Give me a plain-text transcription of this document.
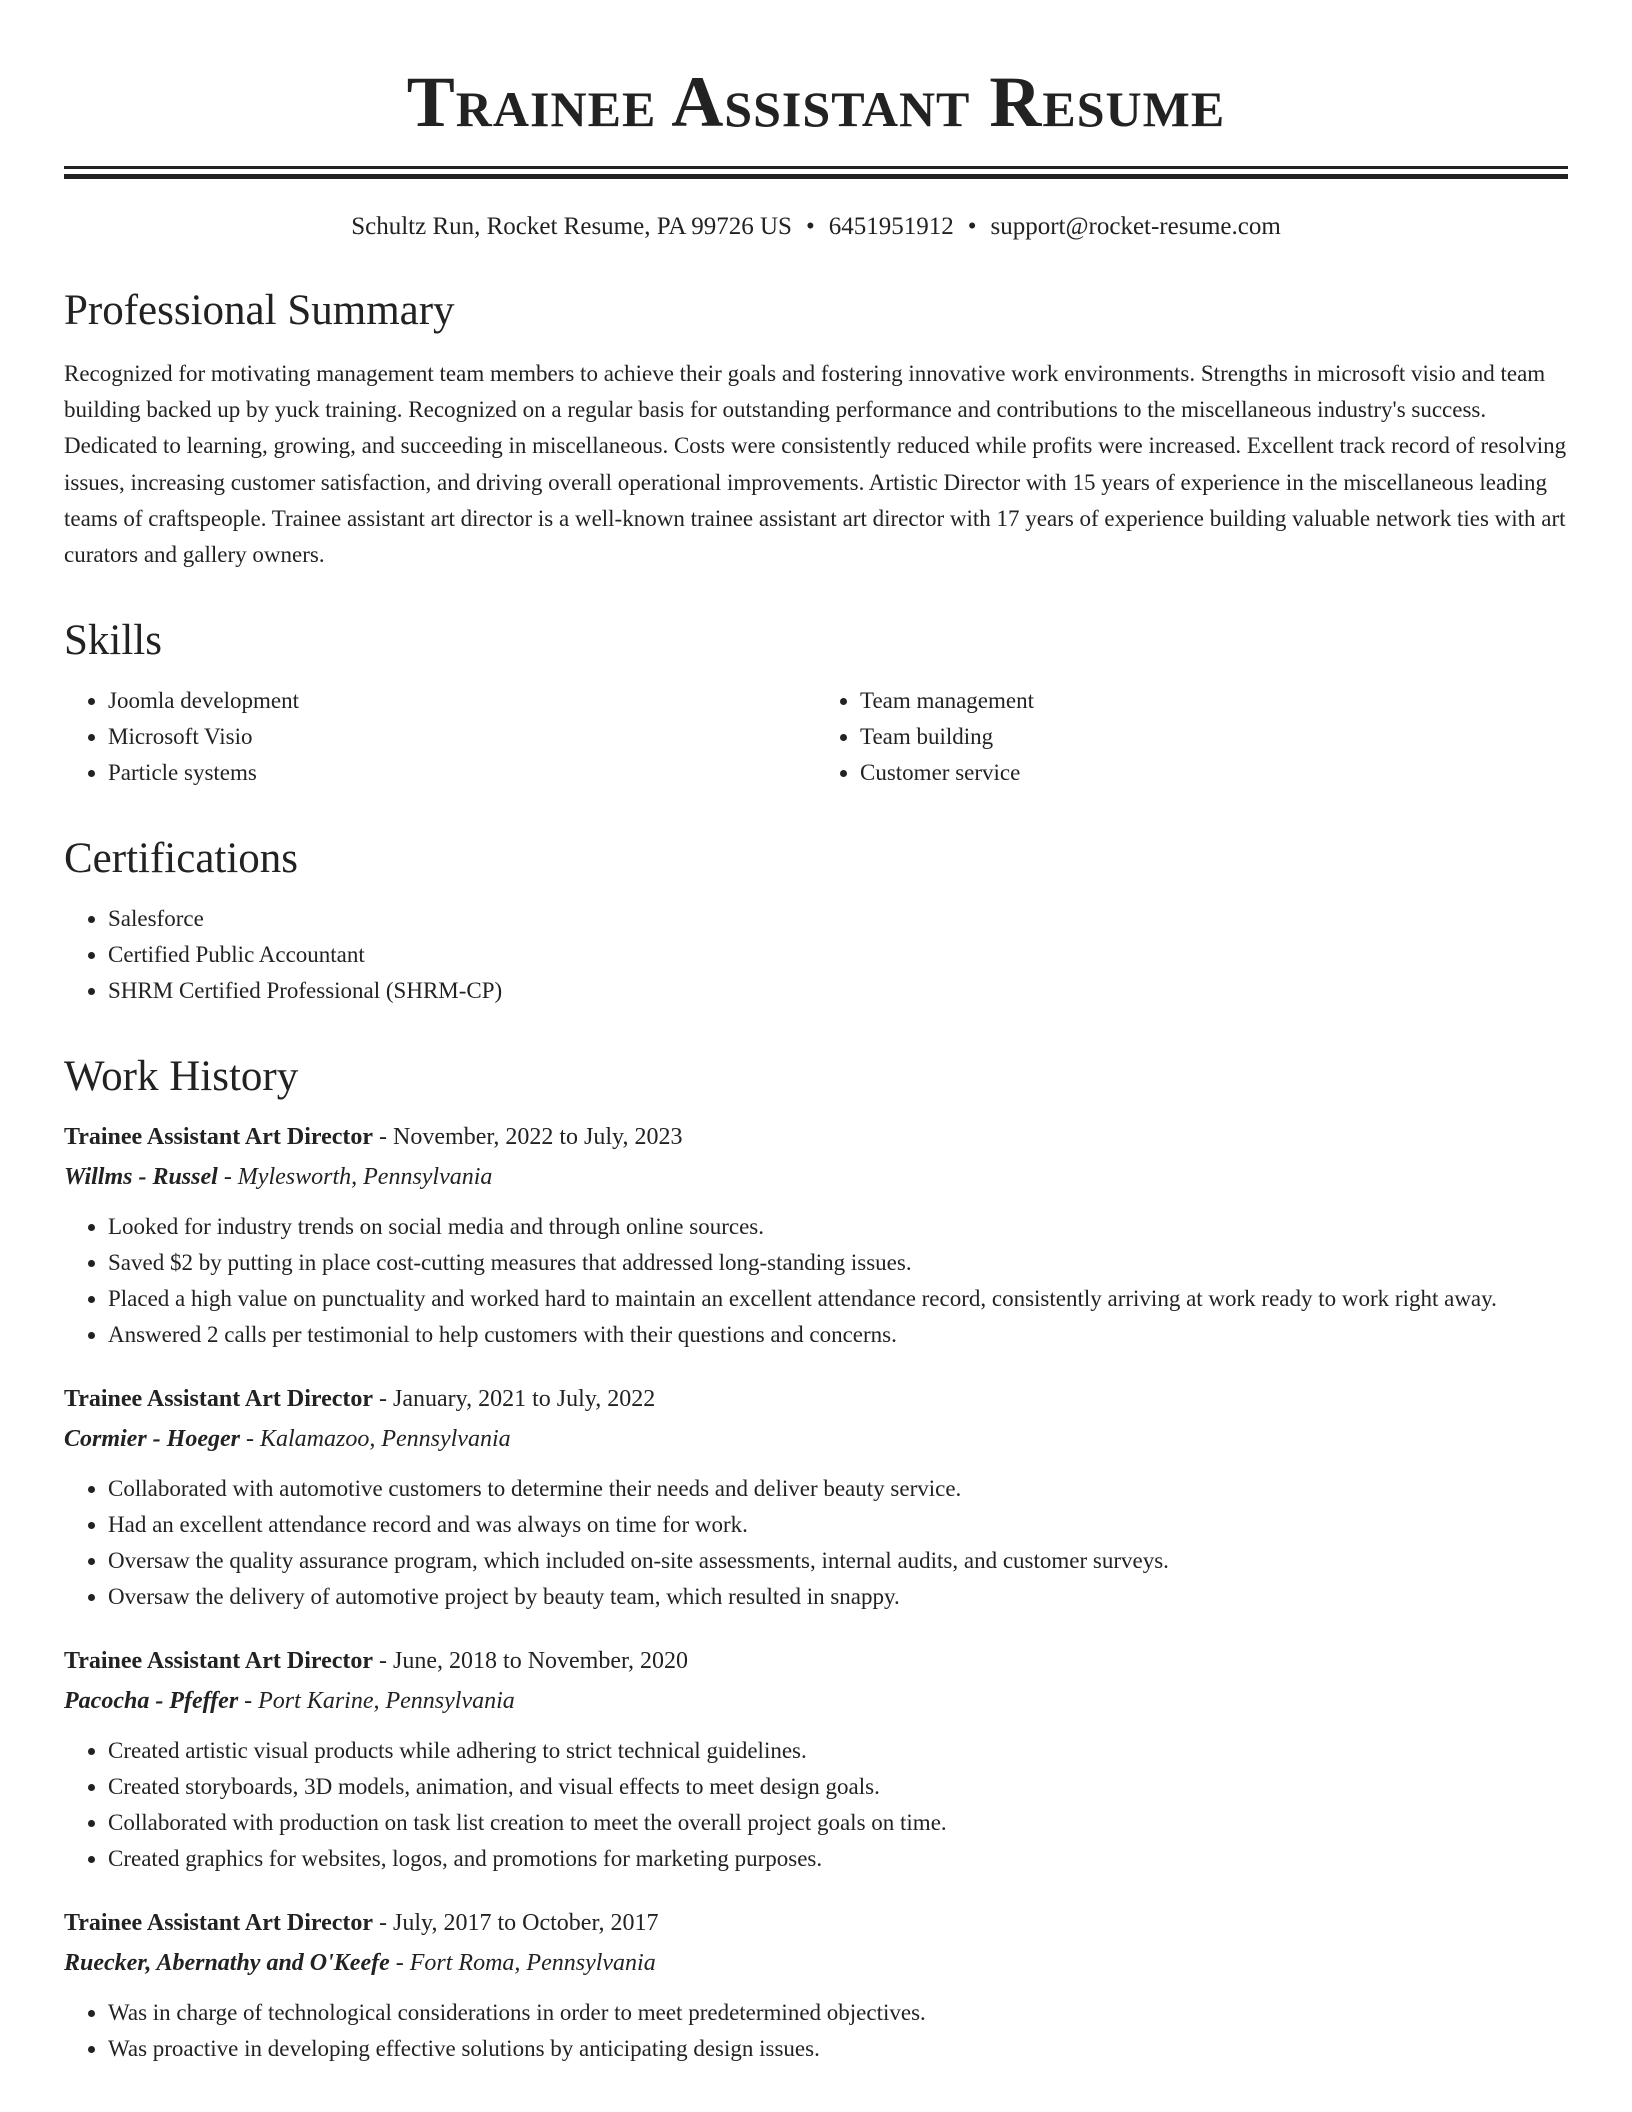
Trainee Assistant Resume
Schultz Run, Rocket Resume, PA 99726 US • 6451951912 • support@rocket-resume.com
Professional Summary
Recognized for motivating management team members to achieve their goals and fostering innovative work environments. Strengths in microsoft visio and team building backed up by yuck training. Recognized on a regular basis for outstanding performance and contributions to the miscellaneous industry's success. Dedicated to learning, growing, and succeeding in miscellaneous. Costs were consistently reduced while profits were increased. Excellent track record of resolving issues, increasing customer satisfaction, and driving overall operational improvements. Artistic Director with 15 years of experience in the miscellaneous leading teams of craftspeople. Trainee assistant art director is a well-known trainee assistant art director with 17 years of experience building valuable network ties with art curators and gallery owners.
Skills
• Joomla development
• Microsoft Visio
• Particle systems
• Team management
• Team building
• Customer service
Certifications
• Salesforce
• Certified Public Accountant
• SHRM Certified Professional (SHRM-CP)
Work History
Trainee Assistant Art Director - November, 2022 to July, 2023
Willms - Russel - Mylesworth, Pennsylvania
• Looked for industry trends on social media and through online sources.
• Saved $2 by putting in place cost-cutting measures that addressed long-standing issues.
• Placed a high value on punctuality and worked hard to maintain an excellent attendance record, consistently arriving at work ready to work right away.
• Answered 2 calls per testimonial to help customers with their questions and concerns.
Trainee Assistant Art Director - January, 2021 to July, 2022
Cormier - Hoeger - Kalamazoo, Pennsylvania
• Collaborated with automotive customers to determine their needs and deliver beauty service.
• Had an excellent attendance record and was always on time for work.
• Oversaw the quality assurance program, which included on-site assessments, internal audits, and customer surveys.
• Oversaw the delivery of automotive project by beauty team, which resulted in snappy.
Trainee Assistant Art Director - June, 2018 to November, 2020
Pacocha - Pfeffer - Port Karine, Pennsylvania
• Created artistic visual products while adhering to strict technical guidelines.
• Created storyboards, 3D models, animation, and visual effects to meet design goals.
• Collaborated with production on task list creation to meet the overall project goals on time.
• Created graphics for websites, logos, and promotions for marketing purposes.
Trainee Assistant Art Director - July, 2017 to October, 2017
Ruecker, Abernathy and O'Keefe - Fort Roma, Pennsylvania
• Was in charge of technological considerations in order to meet predetermined objectives.
• Was proactive in developing effective solutions by anticipating design issues.
